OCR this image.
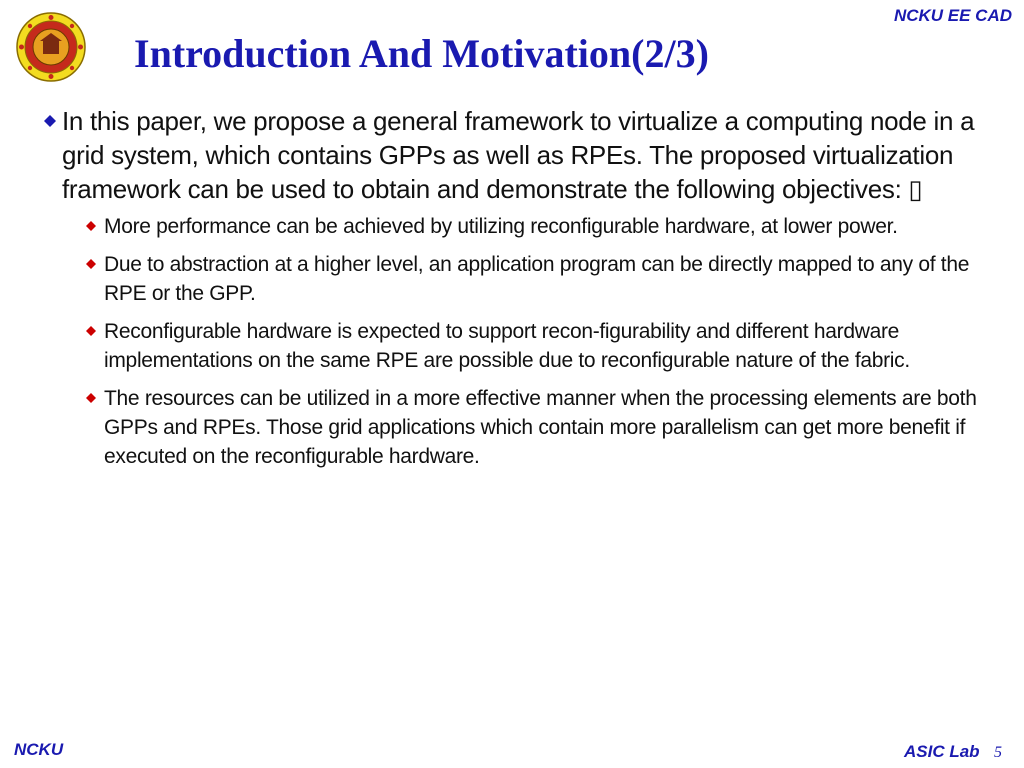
NCKU EE CAD
Introduction And Motivation(2/3)
In this paper, we propose a general framework to virtualize a computing node in a grid system, which contains GPPs as well as RPEs. The proposed virtualization framework can be used to obtain and demonstrate the following objectives: ▯
More performance can be achieved by utilizing reconfigurable hardware, at lower power.
Due to abstraction at a higher level, an application program can be directly mapped to any of the RPE or the GPP.
Reconfigurable hardware is expected to support recon-figurability and different hardware implementations on the same RPE are possible due to reconfigurable nature of the fabric.
The resources can be utilized in a more effective manner when the processing elements are both GPPs and RPEs. Those grid applications which contain more parallelism can get more benefit if executed on the reconfigurable hardware.
NCKU	ASIC Lab 5
